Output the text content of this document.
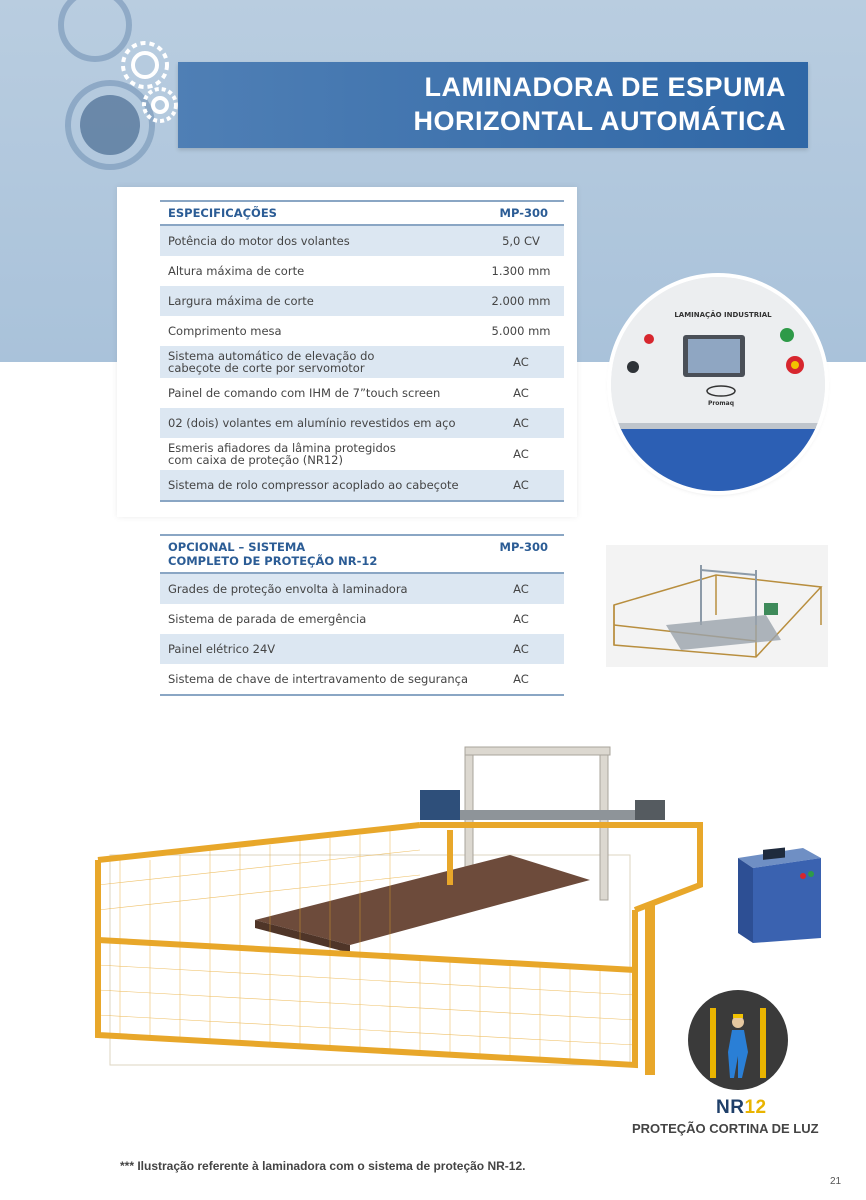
LAMINADORA DE ESPUMA
HORIZONTAL AUTOMÁTICA
ESPECIFICAÇÕES	MP-300
Potência do motor dos volantes	5,0 CV
Altura máxima de corte	1.300 mm
Largura máxima de corte	2.000 mm
Comprimento mesa	5.000 mm
Sistema automático de elevação do
cabeçote de corte por servomotor	AC
Painel de comando com IHM de 7”touch screen	AC
02 (dois) volantes em alumínio revestidos em aço	AC
Esmeris afiadores da lâmina protegidos
com caixa de proteção (NR12)	AC
Sistema de rolo compressor acoplado ao cabeçote	AC
OPCIONAL – SISTEMA
COMPLETO DE PROTEÇÃO NR-12	MP-300
Grades de proteção envolta à laminadora	AC
Sistema de parada de emergência	AC
Painel elétrico 24V	AC
Sistema de chave de intertravamento de segurança	AC
LAMINAÇÃO INDUSTRIAL
Promaq
NR12
PROTEÇÃO CORTINA DE LUZ
*** Ilustração referente à laminadora com o sistema de proteção NR-12.
21
